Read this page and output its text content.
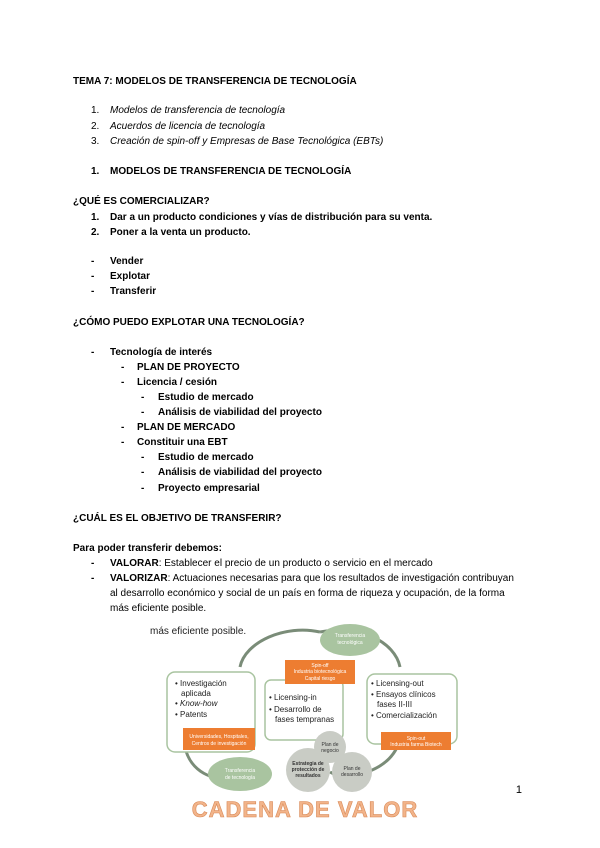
TEMA 7: MODELOS DE TRANSFERENCIA DE TECNOLOGÍA
1. Modelos de transferencia de tecnología
2. Acuerdos de licencia de tecnología
3. Creación de spin-off y Empresas de Base Tecnológica (EBTs)
1. MODELOS DE TRANSFERENCIA DE TECNOLOGÍA
¿QUÉ ES COMERCIALIZAR?
1. Dar a un producto condiciones y vías de distribución para su venta.
2. Poner a la venta un producto.
- Vender
- Explotar
- Transferir
¿CÓMO PUEDO EXPLOTAR UNA TECNOLOGÍA?
- Tecnología de interés
- PLAN DE PROYECTO
- Licencia / cesión
- Estudio de mercado
- Análisis de viabilidad del proyecto
- PLAN DE MERCADO
- Constituir una EBT
- Estudio de mercado
- Análisis de viabilidad del proyecto
- Proyecto empresarial
¿CUÁL ES EL OBJETIVO DE TRANSFERIR?
Para poder transferir debemos:
- VALORAR: Establecer el precio de un producto o servicio en el mercado
- VALORIZAR: Actuaciones necesarias para que los resultados de investigación contribuyan
al desarrollo económico y social de un país en forma de riqueza y ocupación, de la forma
más eficiente posible.
más eficiente posible.	Transferencia
tecnológica
• Investigación
aplicada
• Know-how
• Patents
Universidades, Hospitales,
Centros de investigación
Spin-off
Industria biotecnológica
Capital riesgo
• Licensing-in
• Desarrollo de
fases tempranas
• Licensing-out
• Ensayos clínicos
fases II-III
• Comercialización
Spin-out
Industria farma Biotech
Transferencia
de tecnología
Plan de
negocio
Estrategia de
protección de
resultados
Plan de
desarrollo
CADENA DE VALOR
1
